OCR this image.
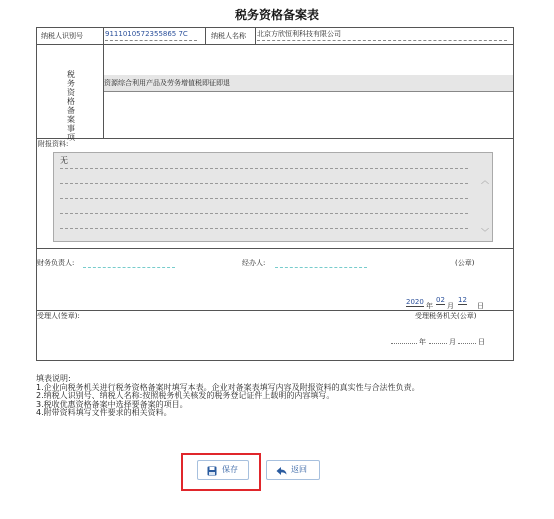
税务资格备案表
纳税人识别号	9111010572355865 7C	纳税人名称 北京方欣恒利科技有限公司
税务资格备案事项
资源综合利用产品及劳务增值税即征即退
附报资料:
无
︿
﹀
财务负责人:	经办人:	(公章)
2020 年
02
月
12
日
受理人(签章):	受理税务机关(公章)
年	月	日
填表说明:
1.企业向税务机关进行税务资格备案时填写本表。企业对备案表填写内容及附报资料的真实性与合法性负责。
2.纳税人识别号、纳税人名称:按照税务机关核发的税务登记证件上载明的内容填写。
3.税收优惠资格备案中选择要备案的项目。
4.附带资料填写文件要求的相关资料。
保存	返回
